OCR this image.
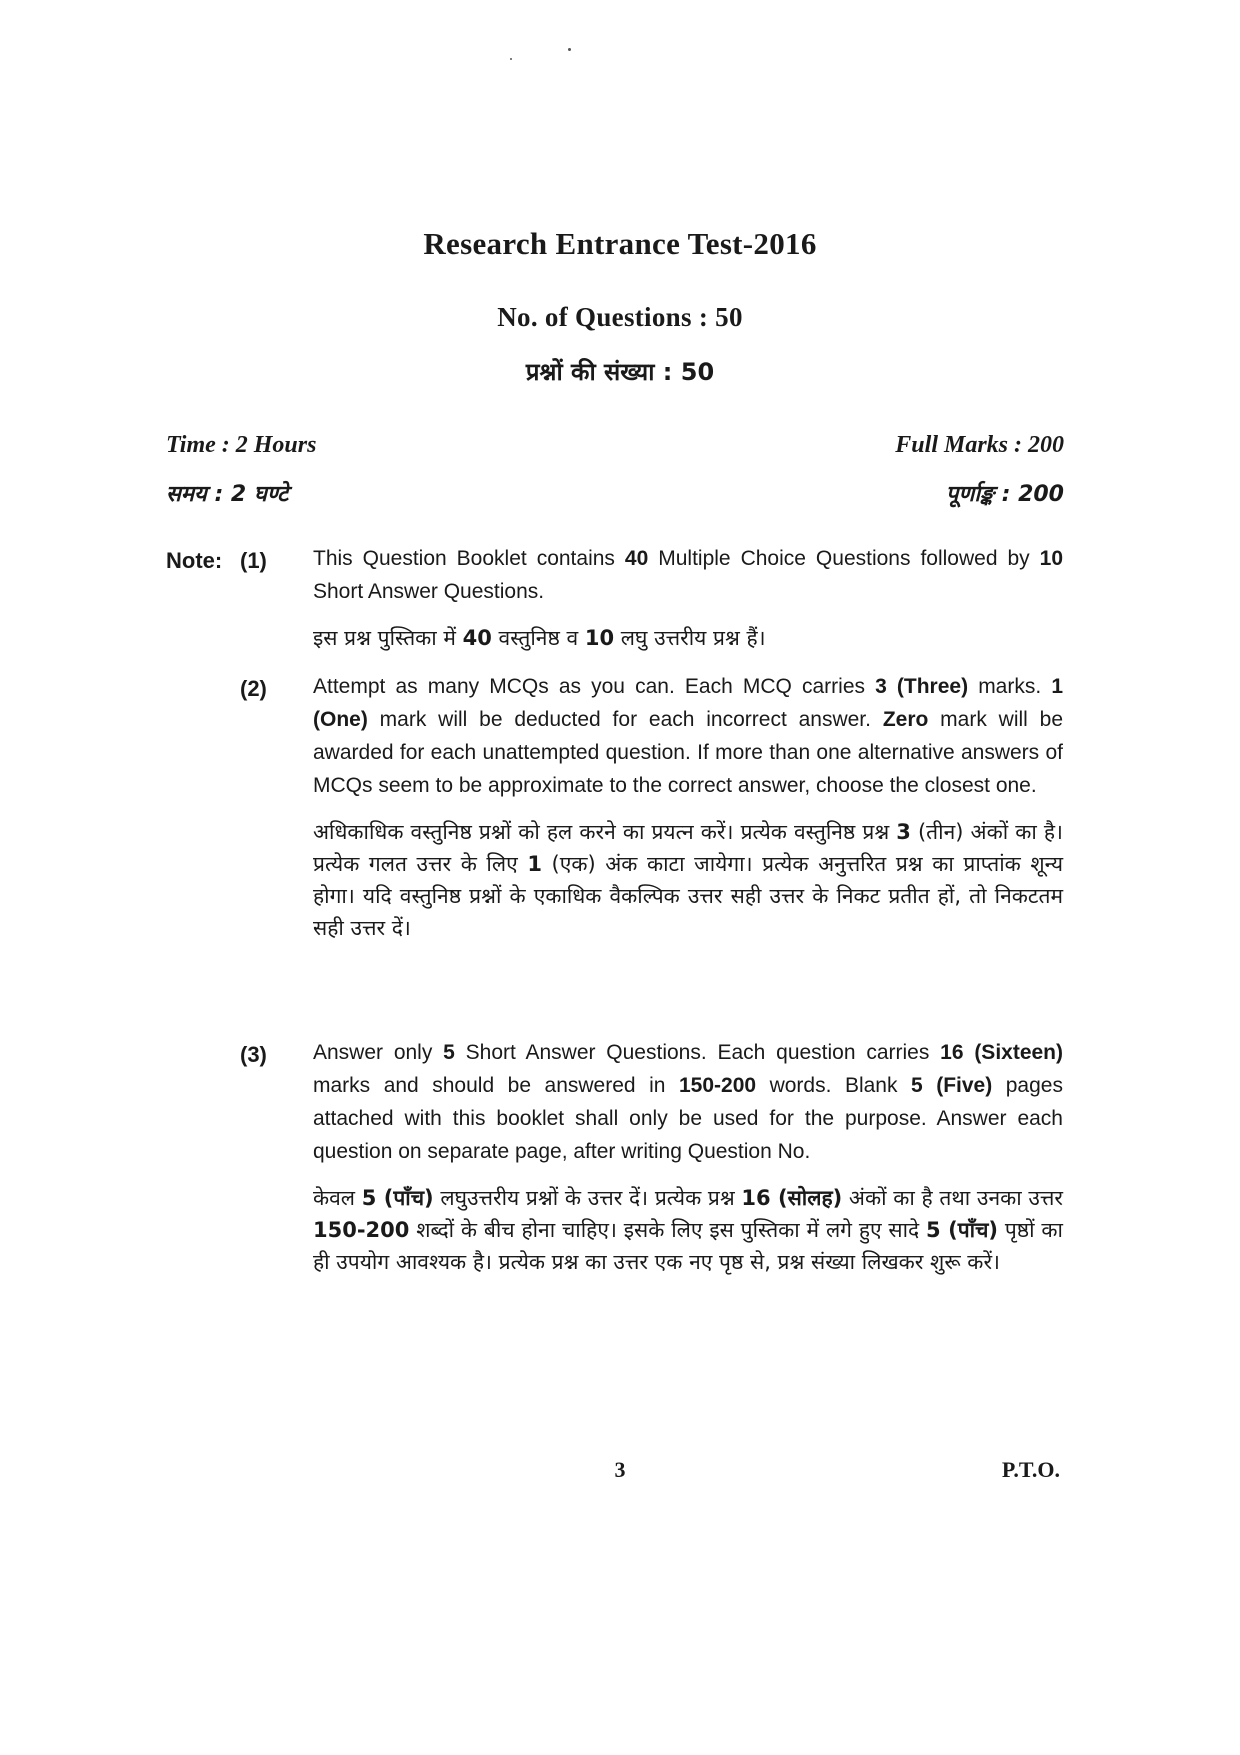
Research Entrance Test-2016
No. of Questions : 50
प्रश्नों की संख्या : 50
Time : 2 Hours	Full Marks : 200
समय : 2 घण्टे	पूर्णाङ्क : 200
Note: (1) This Question Booklet contains 40 Multiple Choice Questions followed by 10 Short Answer Questions.

इस प्रश्न पुस्तिका में 40 वस्तुनिष्ठ व 10 लघु उत्तरीय प्रश्न हैं।

(2) Attempt as many MCQs as you can. Each MCQ carries 3 (Three) marks. 1 (One) mark will be deducted for each incorrect answer. Zero mark will be awarded for each unattempted question. If more than one alternative answers of MCQs seem to be approximate to the correct answer, choose the closest one.

अधिकाधिक वस्तुनिष्ठ प्रश्नों को हल करने का प्रयत्न करें। प्रत्येक वस्तुनिष्ठ प्रश्न 3 (तीन) अंकों का है। प्रत्येक गलत उत्तर के लिए 1 (एक) अंक काटा जायेगा। प्रत्येक अनुत्तरित प्रश्न का प्राप्तांक शून्य होगा। यदि वस्तुनिष्ठ प्रश्नों के एकाधिक वैकल्पिक उत्तर सही उत्तर के निकट प्रतीत हों, तो निकटतम सही उत्तर दें।

(3) Answer only 5 Short Answer Questions. Each question carries 16 (Sixteen) marks and should be answered in 150-200 words. Blank 5 (Five) pages attached with this booklet shall only be used for the purpose. Answer each question on separate page, after writing Question No.

केवल 5 (पाँच) लघुउत्तरीय प्रश्नों के उत्तर दें। प्रत्येक प्रश्न 16 (सोलह) अंकों का है तथा उनका उत्तर 150-200 शब्दों के बीच होना चाहिए। इसके लिए इस पुस्तिका में लगे हुए सादे 5 (पाँच) पृष्ठों का ही उपयोग आवश्यक है। प्रत्येक प्रश्न का उत्तर एक नए पृष्ठ से, प्रश्न संख्या लिखकर शुरू करें।

3	P.T.O.
